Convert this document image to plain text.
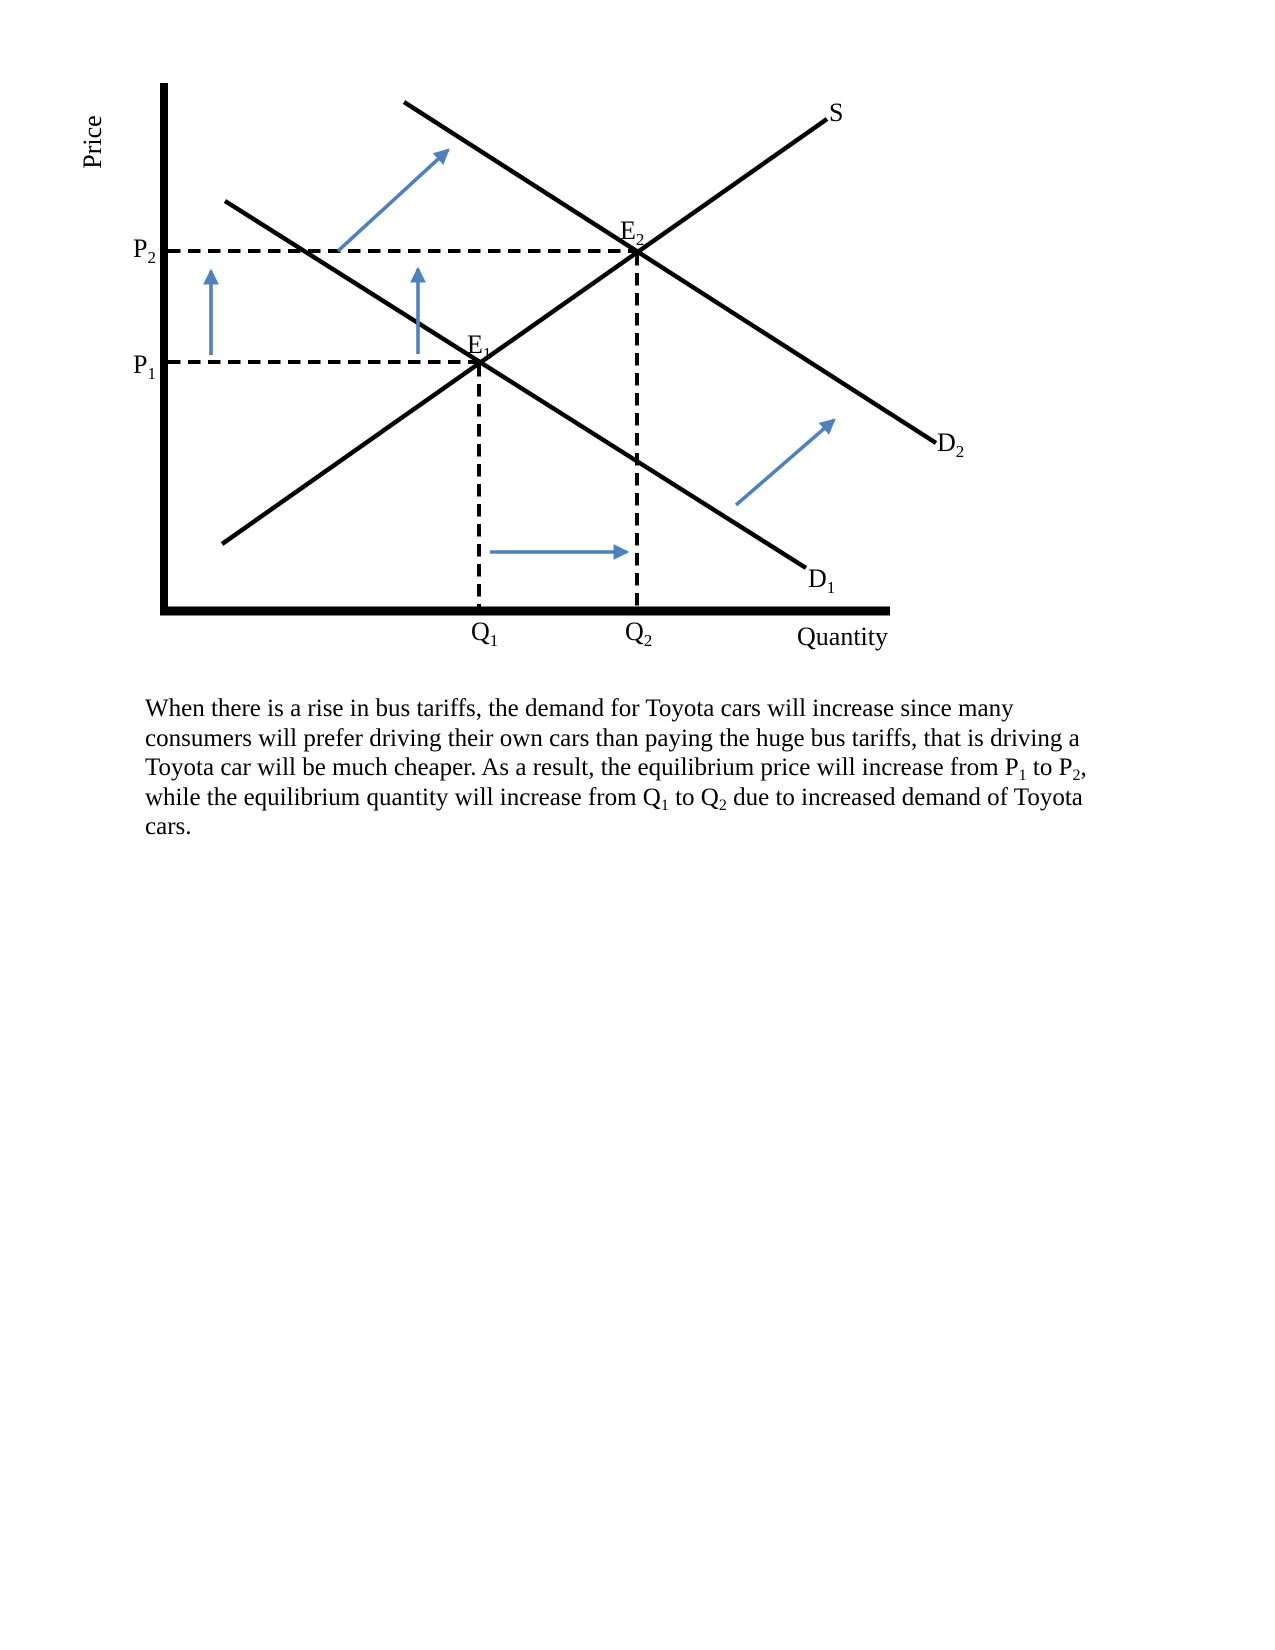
Price
Quantity
$P_2$
$P_1$
$Q_1$	$Q_2$
$E_2$
$E_1$
S
$D_1$
$D_2$
When there is a rise in bus tariffs, the demand for Toyota cars will increase since many
consumers will prefer driving their own cars than paying the huge bus tariffs, that is driving a
Toyota car will be much cheaper. As a result, the equilibrium price will increase from $P_1$ to $P_2$,
while the equilibrium quantity will increase from $Q_1$ to $Q_2$ due to increased demand of Toyota
cars.
